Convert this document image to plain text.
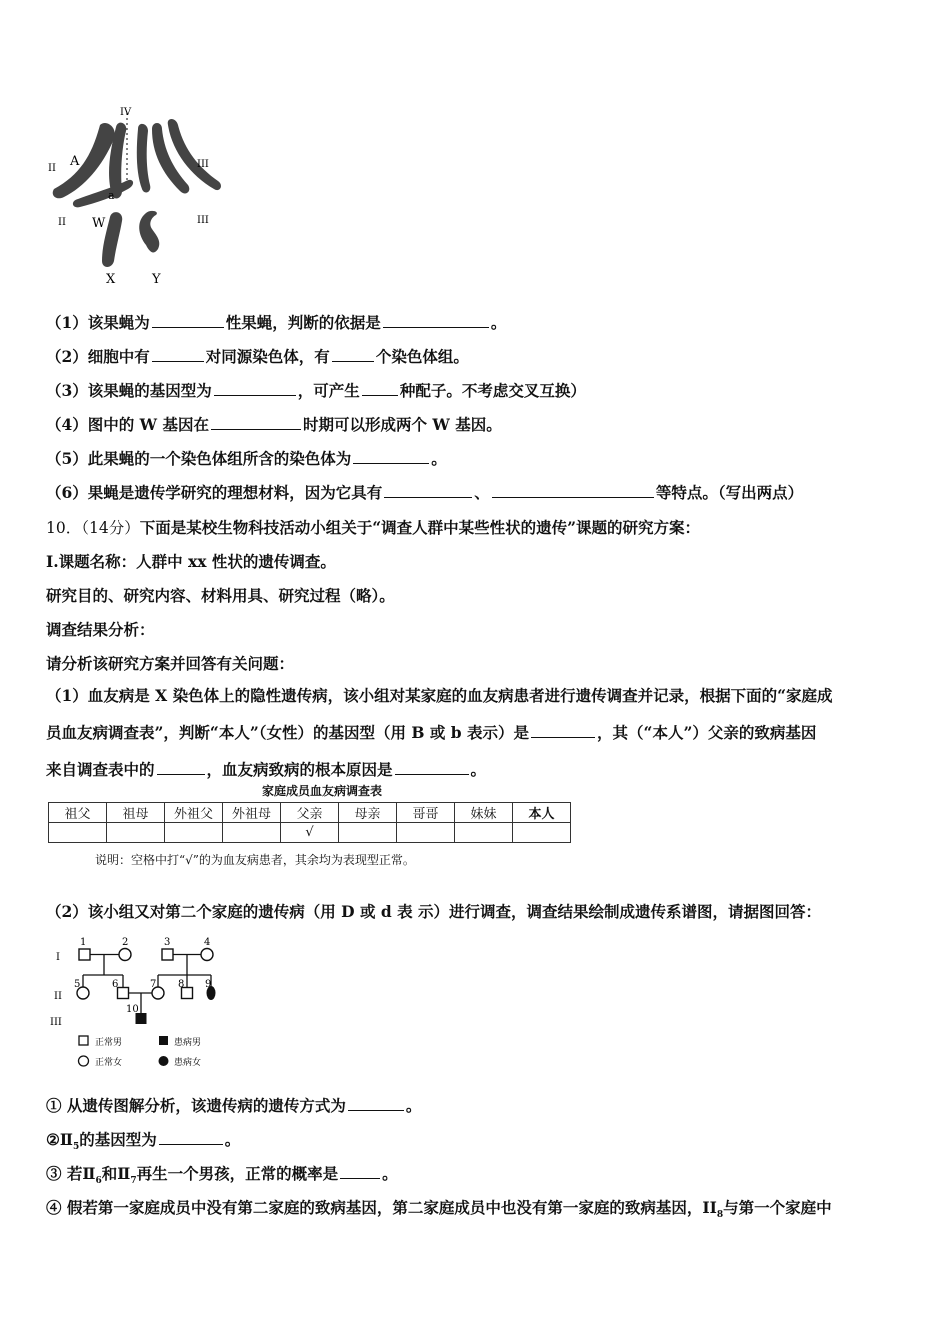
IV
II A	III
a
II W	III
X	Y
（1）该果蝇为	性果蝇，判断的依据是	。
（2）细胞中有	对同源染色体，有	个染色体组。
（3）该果蝇的基因型为	，可产生	种配子。不考虑交叉互换）
（4）图中的 W 基因在	时期可以形成两个 W 基因。
（5）此果蝇的一个染色体组所含的染色体为	。
（6）果蝇是遗传学研究的理想材料，因为它具有	、	等特点。（写出两点）
10．（14分）下面是某校生物科技活动小组关于“调查人群中某些性状的遗传”课题的研究方案：
I.课题名称：人群中 xx 性状的遗传调查。
研究目的、研究内容、材料用具、研究过程（略）。
调查结果分析：
请分析该研究方案并回答有关问题：
（1）血友病是 X 染色体上的隐性遗传病，该小组对某家庭的血友病患者进行遗传调查并记录，根据下面的“家庭成
员血友病调查表”，判断“本人”（女性）的基因型（用 B 或 b 表示）是	，其（“本人”）父亲的致病基因
来自调查表中的	，血友病致病的根本原因是	。
家庭成员血友病调查表
祖父	祖母	外祖父	外祖母	父亲	母亲	哥哥	妹妹	本人
				√				
说明：空格中打“√”的为血友病患者，其余均为表现型正常。
（2）该小组又对第二个家庭的遗传病（用 D 或 d 表 示）进行调查，调查结果绘制成遗传系谱图，请据图回答：
I
II
III
1	2	3	4
5	6	7 8 9
10
正常男	患病男
正常女	患病女
① 从遗传图解分析，该遗传病的遗传方式为	。
$②Ⅱ_5$的基因型为	。
③ 若$Ⅱ_6$和$Ⅱ_7$再生一个男孩，正常的概率是	。
④ 假若第一家庭成员中没有第二家庭的致病基因，第二家庭成员中也没有第一家庭的致病基因，$II_8$与第一个家庭中
